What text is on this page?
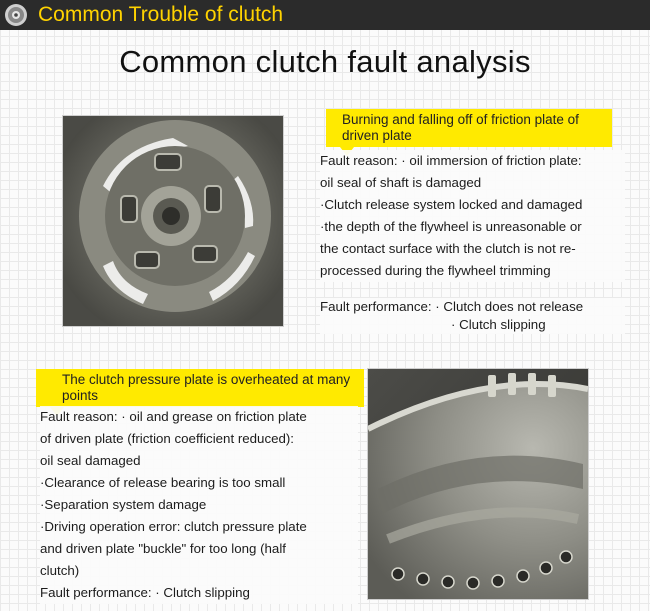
Common Trouble of clutch
Common clutch fault analysis
Burning and falling off of friction plate of driven plate

Fault reason: · oil immersion of friction plate:

oil seal of shaft is damaged

·Clutch release system locked and damaged

·the depth of the flywheel is unreasonable or

the contact surface with the clutch is not re-

processed during the flywheel trimming

Fault performance: · Clutch does not release

· Clutch slipping

The clutch pressure plate is overheated at many points

Fault reason: · oil and grease on friction plate

of driven plate (friction coefficient reduced):

oil seal damaged

·Clearance of release bearing is too small

·Separation system damage

·Driving operation error: clutch pressure plate

and driven plate "buckle" for too long (half

clutch)

Fault performance: · Clutch slipping
